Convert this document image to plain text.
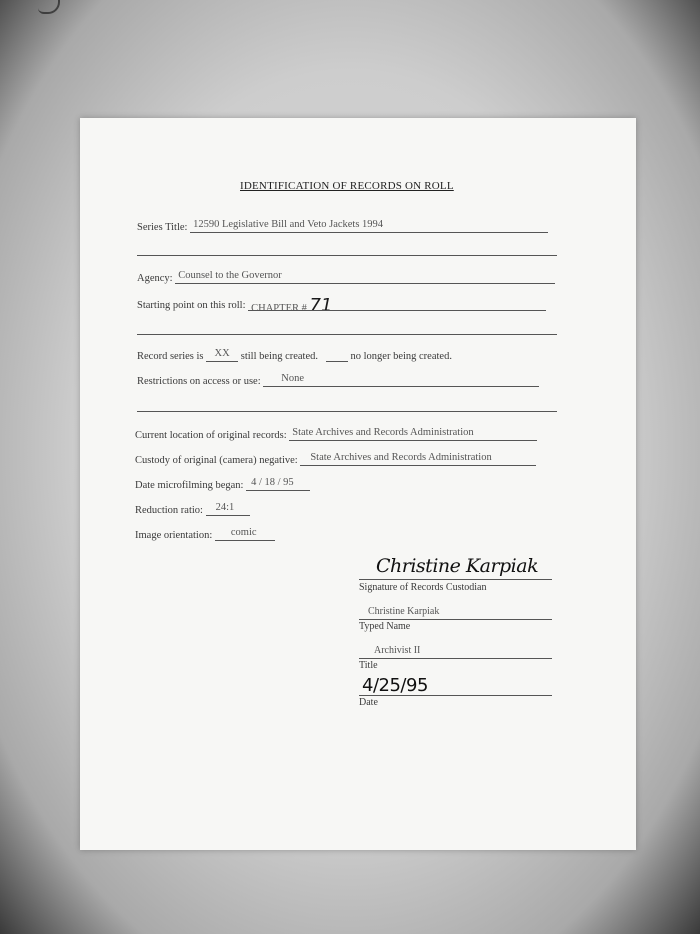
IDENTIFICATION OF RECORDS ON ROLL
Series Title: 12590 Legislative Bill and Veto Jackets 1994
Agency: Counsel to the Governor
Starting point on this roll: CHAPTER # 71
Record series is XX still being created.	no longer being created.
Restrictions on access or use: None
Current location of original records: State Archives and Records Administration
Custody of original (camera) negative: State Archives and Records Administration
Date microfilming began: 4 / 18 / 95
Reduction ratio: 24:1
Image orientation: comic
Christine Karpiak
Signature of Records Custodian
Christine Karpiak
Typed Name
Archivist II
Title
4/25/95
Date
